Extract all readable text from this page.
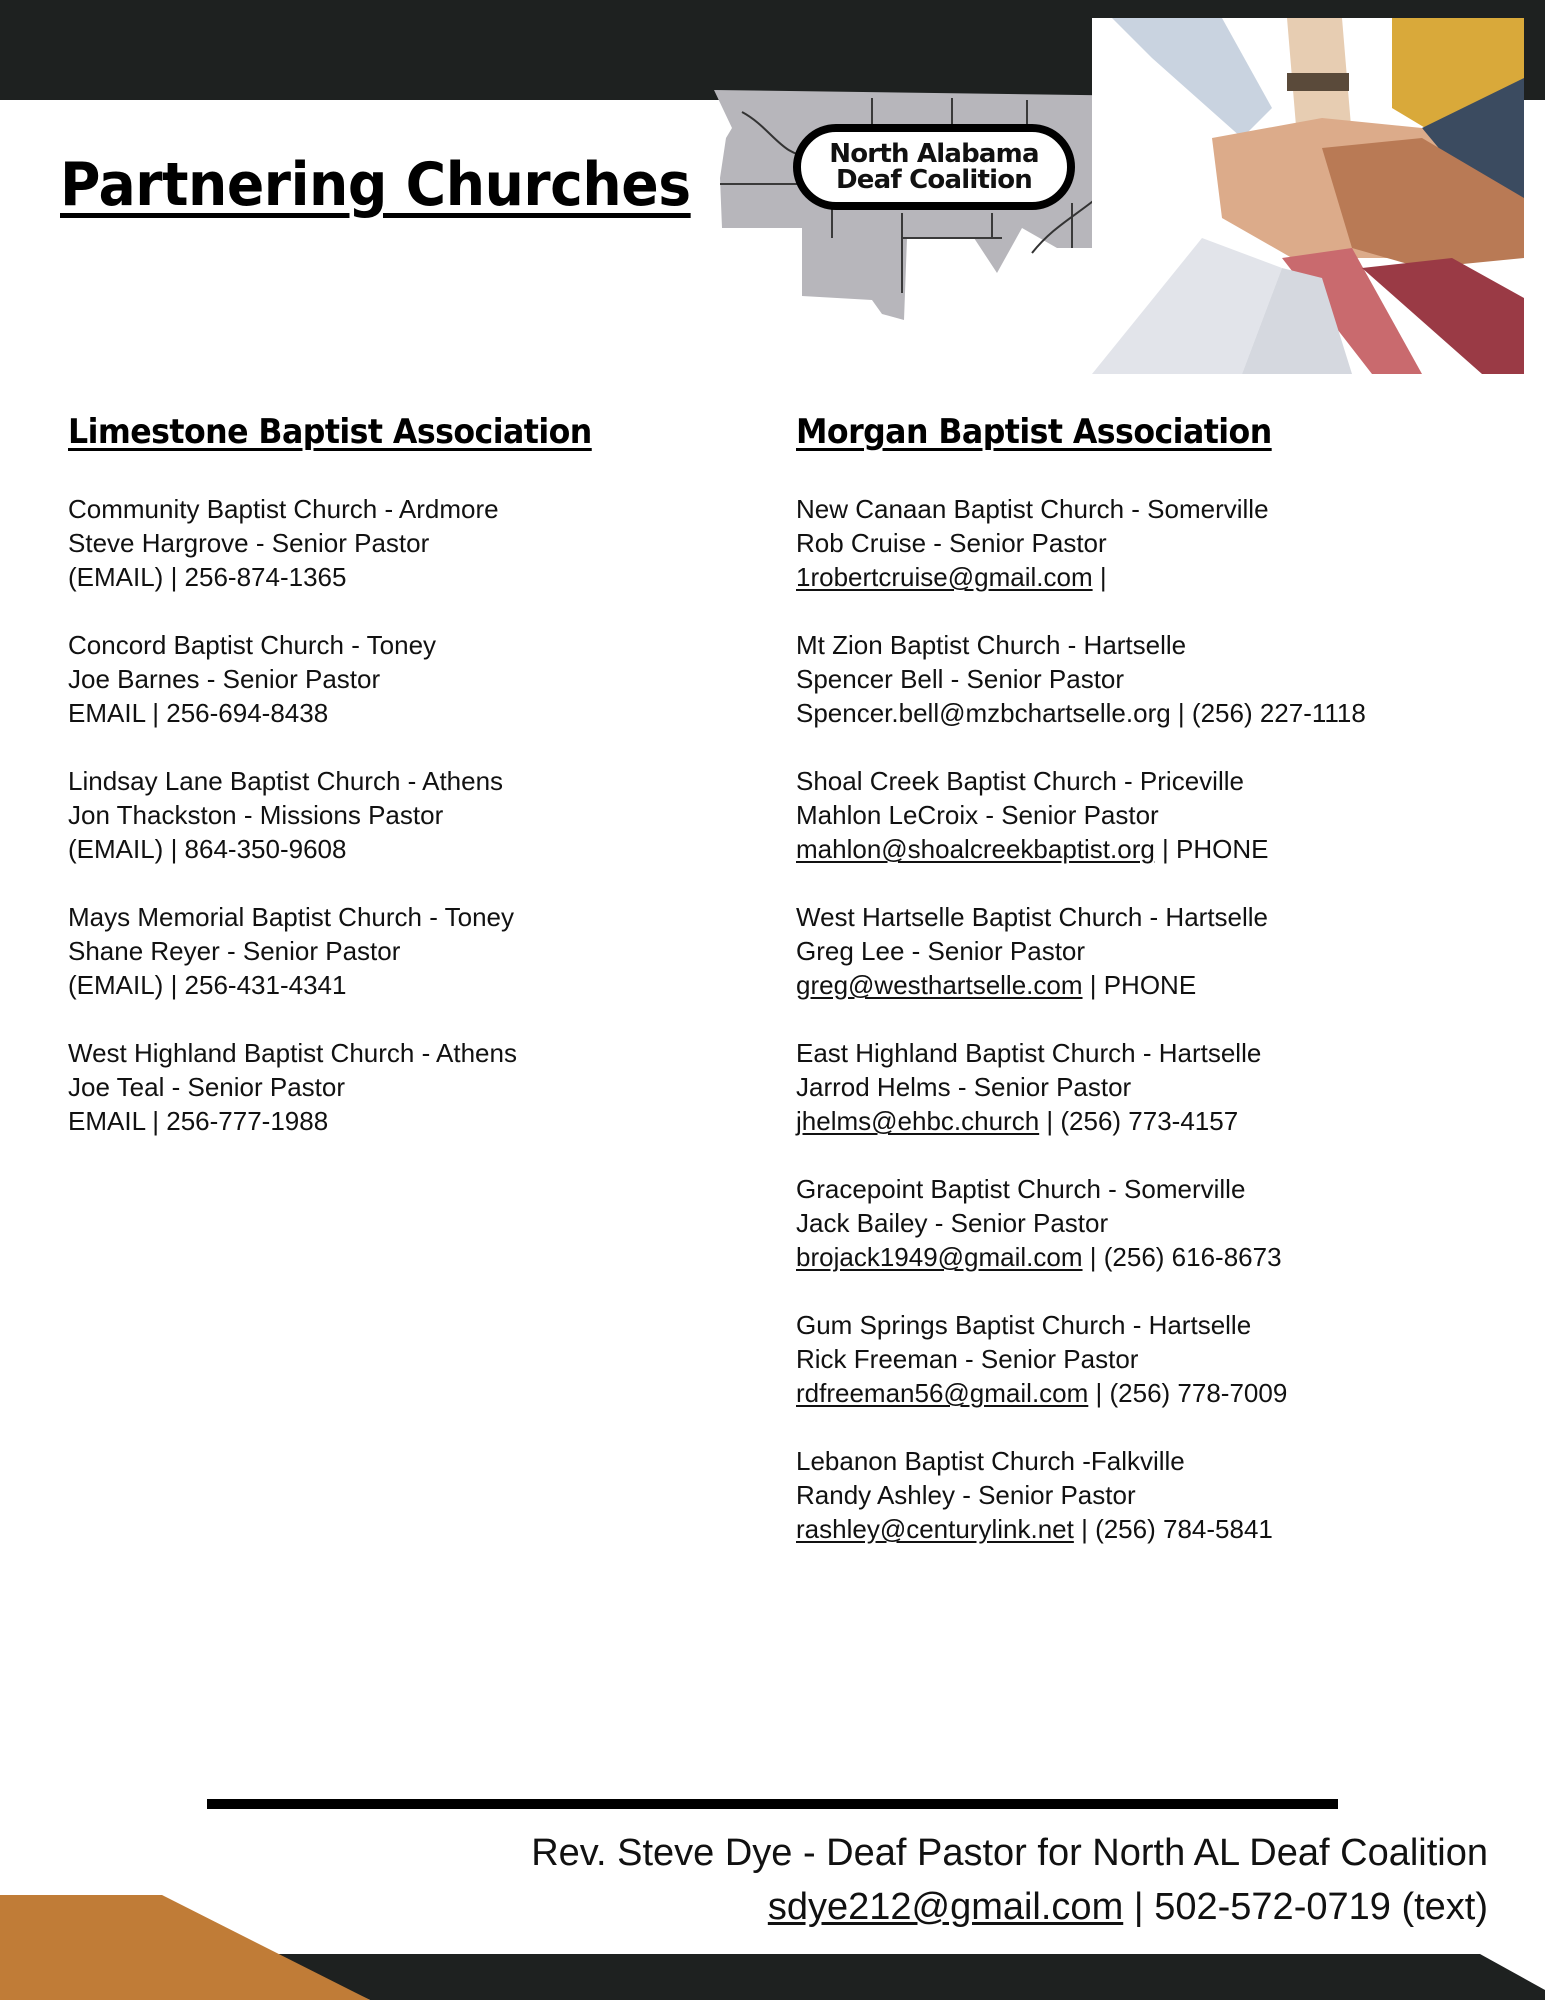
Partnering Churches	North Alabama
Deaf Coalition
Limestone Baptist Association
Community Baptist Church - Ardmore
Steve Hargrove - Senior Pastor
(EMAIL) | 256-874-1365
Concord Baptist Church - Toney
Joe Barnes - Senior Pastor
EMAIL | 256-694-8438
Lindsay Lane Baptist Church - Athens
Jon Thackston - Missions Pastor
(EMAIL) | 864-350-9608
Mays Memorial Baptist Church - Toney
Shane Reyer - Senior Pastor
(EMAIL) | 256-431-4341
West Highland Baptist Church - Athens
Joe Teal - Senior Pastor
EMAIL | 256-777-1988
Morgan Baptist Association
New Canaan Baptist Church - Somerville
Rob Cruise - Senior Pastor
1robertcruise@gmail.com |
Mt Zion Baptist Church - Hartselle
Spencer Bell - Senior Pastor
Spencer.bell@mzbchartselle.org | (256) 227-1118
Shoal Creek Baptist Church - Priceville
Mahlon LeCroix - Senior Pastor
mahlon@shoalcreekbaptist.org | PHONE
West Hartselle Baptist Church - Hartselle
Greg Lee - Senior Pastor
greg@westhartselle.com | PHONE
East Highland Baptist Church - Hartselle
Jarrod Helms - Senior Pastor
jhelms@ehbc.church | (256) 773-4157
Gracepoint Baptist Church - Somerville
Jack Bailey - Senior Pastor
brojack1949@gmail.com | (256) 616-8673
Gum Springs Baptist Church - Hartselle
Rick Freeman - Senior Pastor
rdfreeman56@gmail.com | (256) 778-7009
Lebanon Baptist Church -Falkville
Randy Ashley - Senior Pastor
rashley@centurylink.net | (256) 784-5841
Rev. Steve Dye - Deaf Pastor for North AL Deaf Coalition
sdye212@gmail.com | 502-572-0719 (text)
